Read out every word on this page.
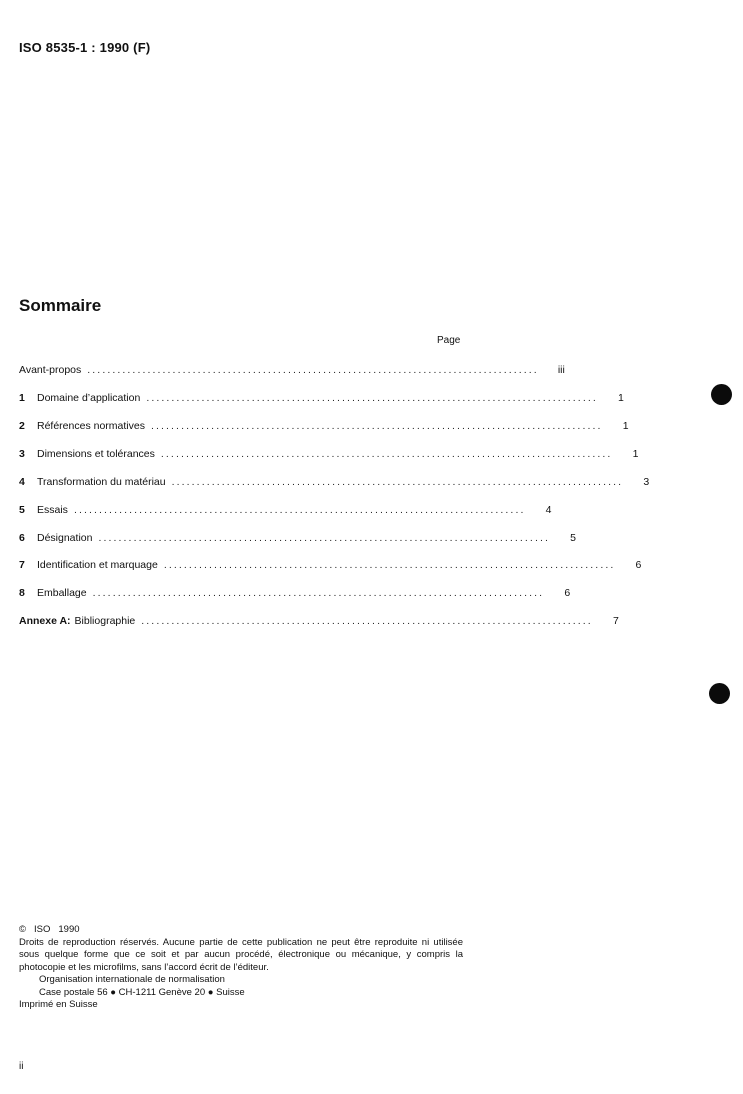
ISO 8535-1 : 1990 (F)
Sommaire
Page
Avant-propos ..........................................................................................	iii
1	Domaine d’application ..........................................................................................	1
2	Références normatives ..........................................................................................	1
3	Dimensions et tolérances ..........................................................................................	1
4	Transformation du matériau ..........................................................................................	3
5	Essais ..........................................................................................	4
6	Désignation ..........................................................................................	5
7	Identification et marquage ..........................................................................................	6
8	Emballage ..........................................................................................	6
Annexe A: Bibliographie ..........................................................................................	7
© ISO 1990
Droits de reproduction réservés. Aucune partie de cette publication ne peut être reproduite ni utilisée sous quelque forme que ce soit et par aucun procédé, électronique ou mécanique, y compris la photocopie et les microfilms, sans l’accord écrit de l’éditeur.
Organisation internationale de normalisation
Case postale 56 ● CH-1211 Genève 20 ● Suisse
Imprimé en Suisse
ii
